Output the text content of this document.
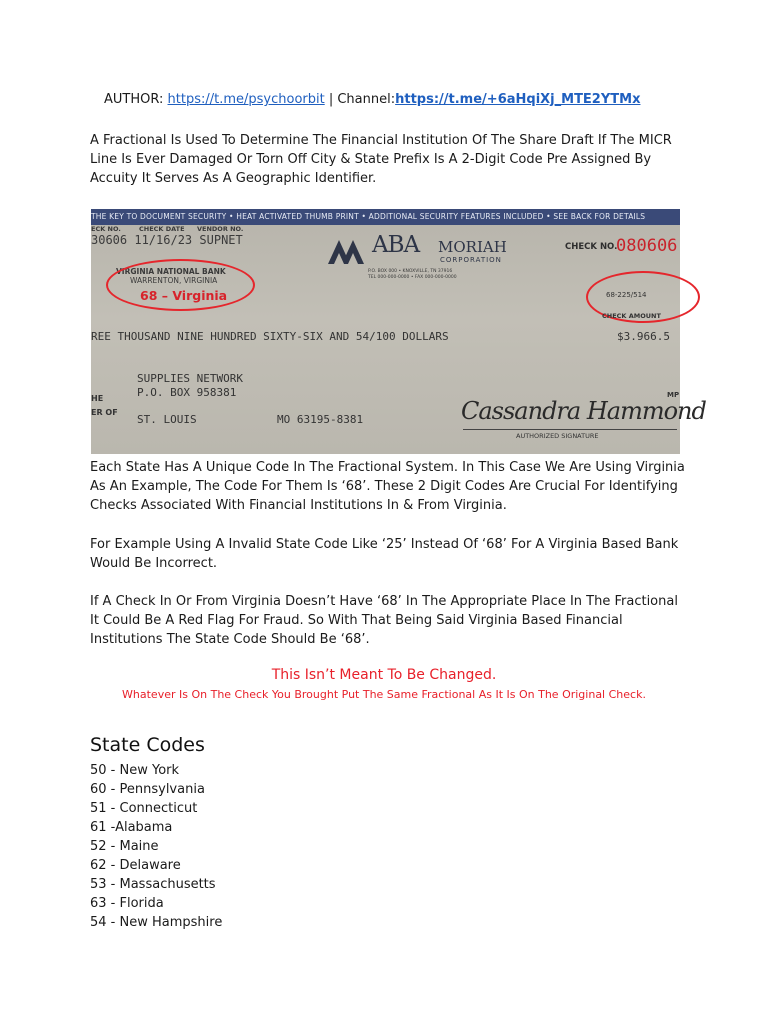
AUTHOR: https://t.me/psychoorbit | Channel:https://t.me/+6aHqiXj_MTE2YTMx
A Fractional Is Used To Determine The Financial Institution Of The Share Draft If The MICR Line Is Ever Damaged Or Torn Off City & State Prefix Is A 2-Digit Code Pre Assigned By Accuity It Serves As A Geographic Identifier.
THE KEY TO DOCUMENT SECURITY • HEAT ACTIVATED THUMB PRINT • ADDITIONAL SECURITY FEATURES INCLUDED • SEE BACK FOR DETAILS
ECK NO.	CHECK DATE VENDOR NO.
30606 11/16/23 SUPNET
VIRGINIA NATIONAL BANK
WARRENTON, VIRGINIA
68 – Virginia
ABA MORIAH
CORPORATION
P.O. BOX 000 • KNOXVILLE, TN 37916
TEL 000-000-0000 • FAX 000-000-0000
CHECK NO.
080606
68-225/514
CHECK AMOUNT
REE THOUSAND NINE HUNDRED SIXTY-SIX AND 54/100 DOLLARS	$3.966.5
HE
ER OF
SUPPLIES NETWORK
P.O. BOX 958381
ST. LOUIS	MO 63195-8381	Cassandra Hammond
MP
AUTHORIZED SIGNATURE
Each State Has A Unique Code In The Fractional System. In This Case We Are Using Virginia As An Example, The Code For Them Is ‘68’. These 2 Digit Codes Are Crucial For Identifying Checks Associated With Financial Institutions In & From Virginia.
For Example Using A Invalid State Code Like ‘25’ Instead Of ‘68’ For A Virginia Based Bank Would Be Incorrect.
If A Check In Or From Virginia Doesn’t Have ‘68’ In The Appropriate Place In The Fractional It Could Be A Red Flag For Fraud. So With That Being Said Virginia Based Financial Institutions The State Code Should Be ‘68’.
This Isn’t Meant To Be Changed.
Whatever Is On The Check You Brought Put The Same Fractional As It Is On The Original Check.
State Codes
50 - New York
60 - Pennsylvania
51 - Connecticut
61 -Alabama
52 - Maine
62 - Delaware
53 - Massachusetts
63 - Florida
54 - New Hampshire
